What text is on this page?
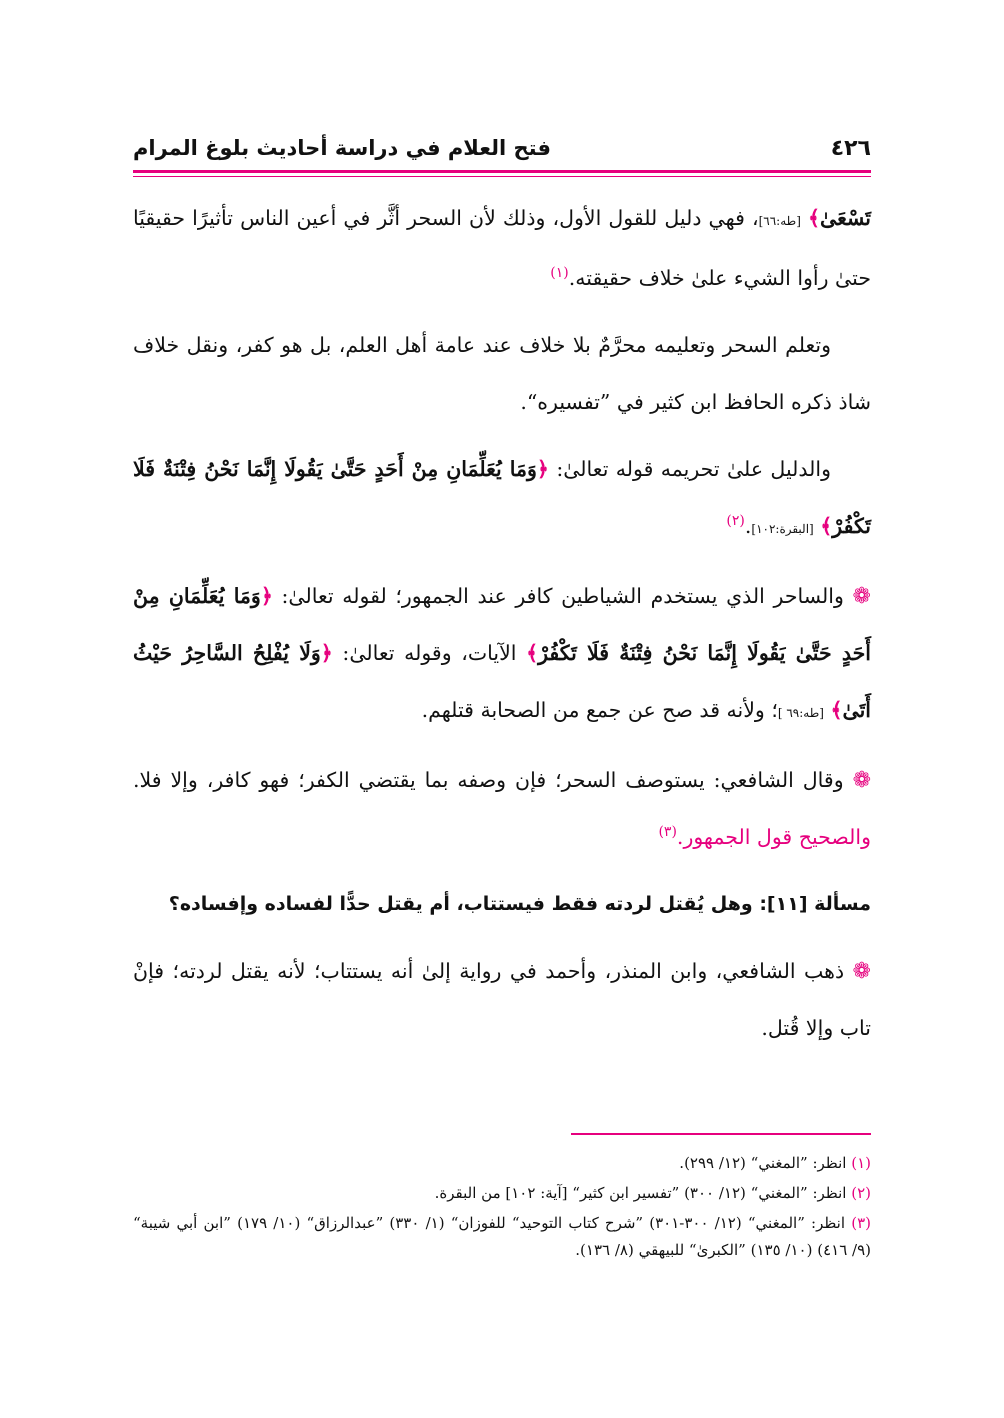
٤٢٦
فتح العلام في دراسة أحاديث بلوغ المرام

تَسْعَىٰ﴾ [طه:٦٦]، فهي دليل للقول الأول، وذلك لأن السحر أثَّر في أعين الناس تأثيرًا حقيقيًا حتىٰ رأوا الشيء علىٰ خلاف حقيقته.$^{(١)}$

وتعلم السحر وتعليمه محرَّمٌ بلا خلاف عند عامة أهل العلم، بل هو كفر، ونقل خلاف شاذ ذكره الحافظ ابن كثير في ”تفسيره“.

والدليل علىٰ تحريمه قوله تعالىٰ: ﴿وَمَا يُعَلِّمَانِ مِنْ أَحَدٍ حَتَّىٰ يَقُولَا إِنَّمَا نَحْنُ فِتْنَةٌ فَلَا تَكْفُرْ﴾ [البقرة:١٠٢].$^{(٢)}$

❁ والساحر الذي يستخدم الشياطين كافر عند الجمهور؛ لقوله تعالىٰ: ﴿وَمَا يُعَلِّمَانِ مِنْ أَحَدٍ حَتَّىٰ يَقُولَا إِنَّمَا نَحْنُ فِتْنَةٌ فَلَا تَكْفُرْ﴾ الآيات، وقوله تعالىٰ: ﴿وَلَا يُفْلِحُ السَّاحِرُ حَيْثُ أَتَىٰ﴾ [طه:٦٩ ]؛ ولأنه قد صح عن جمع من الصحابة قتلهم.

❁ وقال الشافعي: يستوصف السحر؛ فإن وصفه بما يقتضي الكفر؛ فهو كافر، وإلا فلا. والصحيح قول الجمهور.$^{(٣)}$

مسألة [١١]: وهل يُقتل لردته فقط فيستتاب، أم يقتل حدًّا لفساده وإفساده؟

❁ ذهب الشافعي، وابن المنذر، وأحمد في رواية إلىٰ أنه يستتاب؛ لأنه يقتل لردته؛ فإنْ تاب وإلا قُتل.

(١) انظر: ”المغني“ (١٢/ ٢٩٩).

(٢) انظر: ”المغني“ (١٢/ ٣٠٠) ”تفسير ابن كثير“ [آية: ١٠٢] من البقرة.

(٣) انظر: ”المغني“ (١٢/ ٣٠٠-٣٠١) ”شرح كتاب التوحيد“ للفوزان“ (١/ ٣٣٠) ”عبدالرزاق“ (١٠/ ١٧٩) ”ابن أبي شيبة“ (٩/ ٤١٦) (١٠/ ١٣٥) ”الكبرىٰ“ للبيهقي (٨/ ١٣٦).
